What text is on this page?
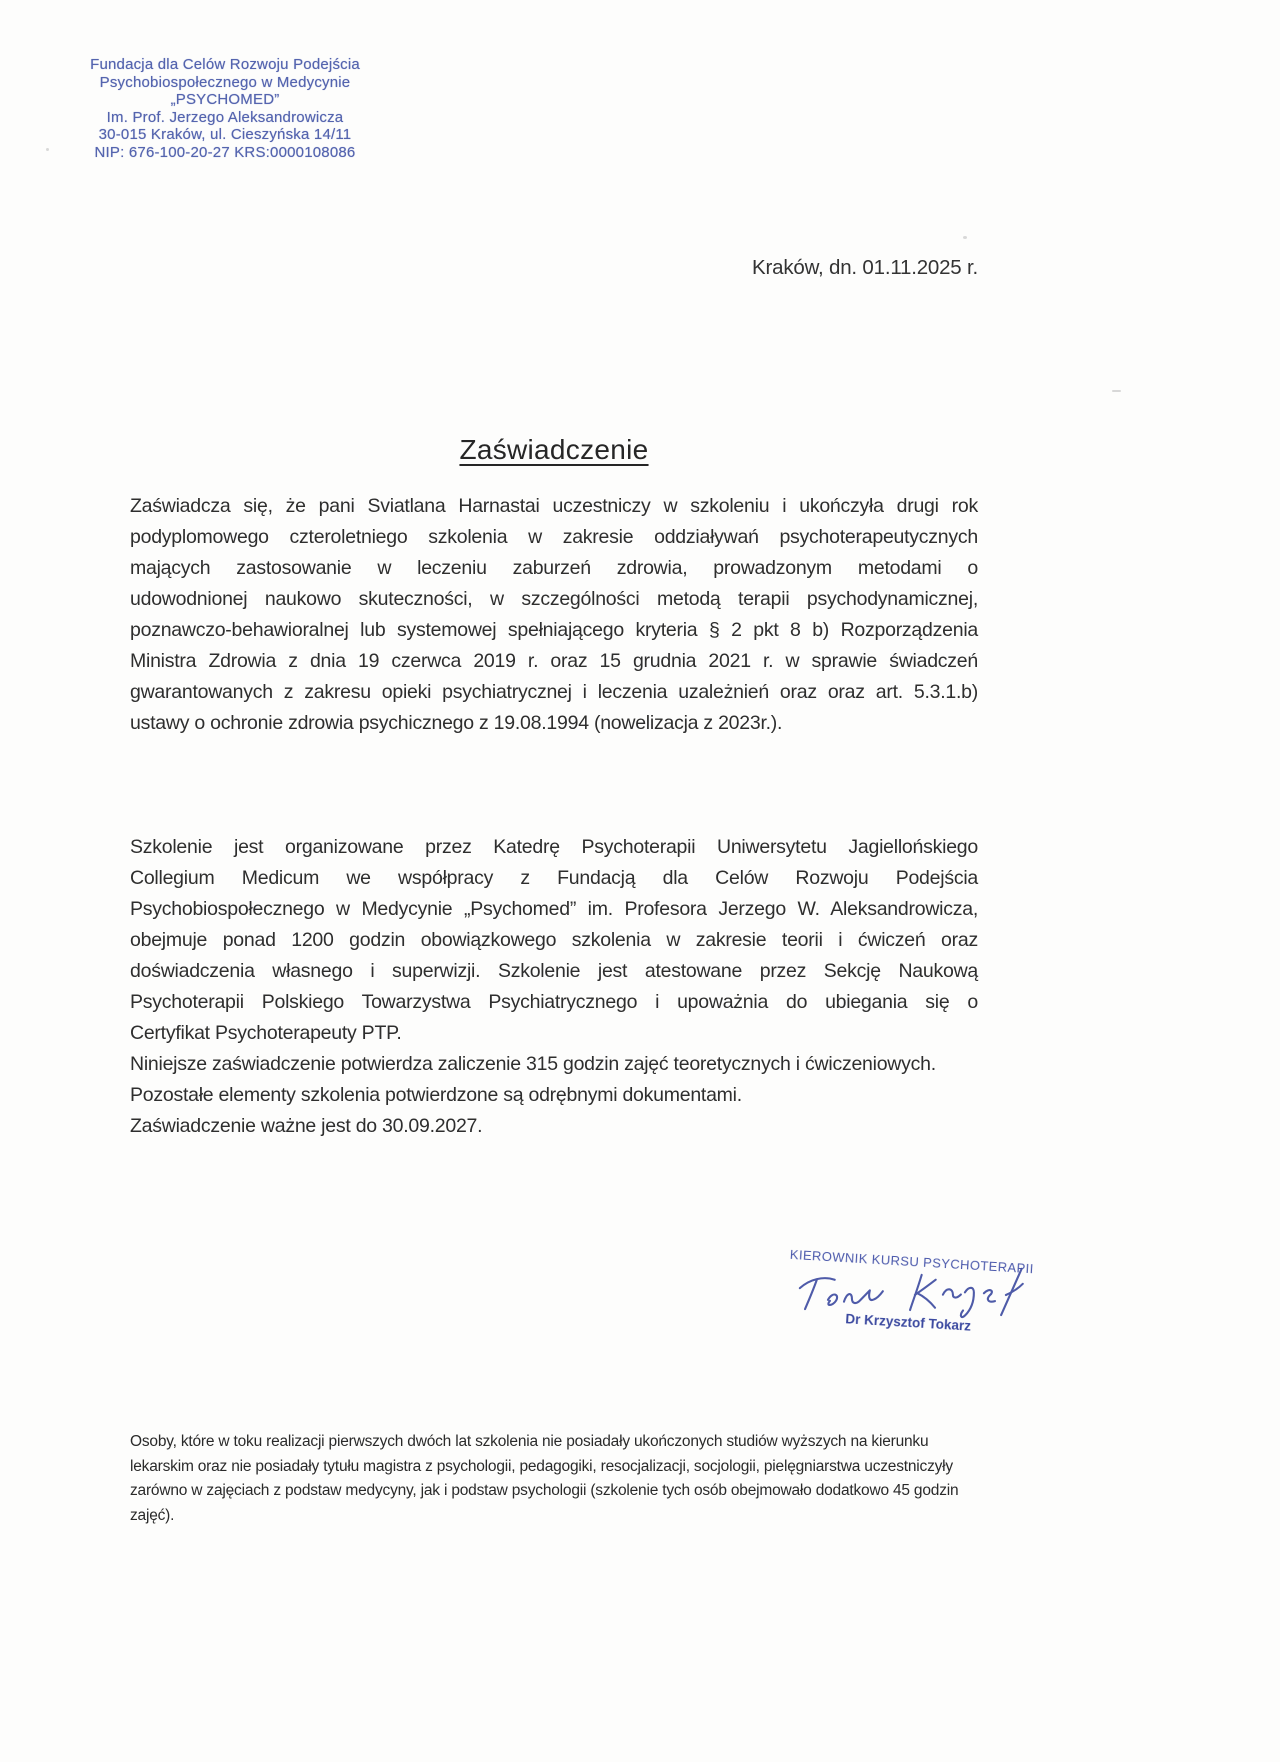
Fundacja dla Celów Rozwoju Podejścia
Psychobiospołecznego w Medycynie
„PSYCHOMED”
Im. Prof. Jerzego Aleksandrowicza
30-015 Kraków, ul. Cieszyńska 14/11
NIP: 676-100-20-27 KRS:0000108086
Kraków, dn. 01.11.2025 r.
Zaświadczenie
Zaświadcza się, że pani Sviatlana Harnastai uczestniczy w szkoleniu i ukończyła drugi rok
podyplomowego czteroletniego szkolenia w zakresie oddziaływań psychoterapeutycznych
mających zastosowanie w leczeniu zaburzeń zdrowia, prowadzonym metodami o
udowodnionej naukowo skuteczności, w szczególności metodą terapii psychodynamicznej,
poznawczo-behawioralnej lub systemowej spełniającego kryteria § 2 pkt 8 b) Rozporządzenia
Ministra Zdrowia z dnia 19 czerwca 2019 r. oraz 15 grudnia 2021 r. w sprawie świadczeń
gwarantowanych z zakresu opieki psychiatrycznej i leczenia uzależnień oraz oraz art. 5.3.1.b)
ustawy o ochronie zdrowia psychicznego z 19.08.1994 (nowelizacja z 2023r.).
Szkolenie jest organizowane przez Katedrę Psychoterapii Uniwersytetu Jagiellońskiego
Collegium Medicum we współpracy z Fundacją dla Celów Rozwoju Podejścia
Psychobiospołecznego w Medycynie „Psychomed” im. Profesora Jerzego W. Aleksandrowicza,
obejmuje ponad 1200 godzin obowiązkowego szkolenia w zakresie teorii i ćwiczeń oraz
doświadczenia własnego i superwizji. Szkolenie jest atestowane przez Sekcję Naukową
Psychoterapii Polskiego Towarzystwa Psychiatrycznego i upoważnia do ubiegania się o
Certyfikat Psychoterapeuty PTP.
Niniejsze zaświadczenie potwierdza zaliczenie 315 godzin zajęć teoretycznych i ćwiczeniowych.
Pozostałe elementy szkolenia potwierdzone są odrębnymi dokumentami.
Zaświadczenie ważne jest do 30.09.2027.
KIEROWNIK KURSU PSYCHOTERAPII
Dr Krzysztof Tokarz
Osoby, które w toku realizacji pierwszych dwóch lat szkolenia nie posiadały ukończonych studiów wyższych na kierunku
lekarskim oraz nie posiadały tytułu magistra z psychologii, pedagogiki, resocjalizacji, socjologii, pielęgniarstwa uczestniczyły
zarówno w zajęciach z podstaw medycyny, jak i podstaw psychologii (szkolenie tych osób obejmowało dodatkowo 45 godzin
zajęć).
